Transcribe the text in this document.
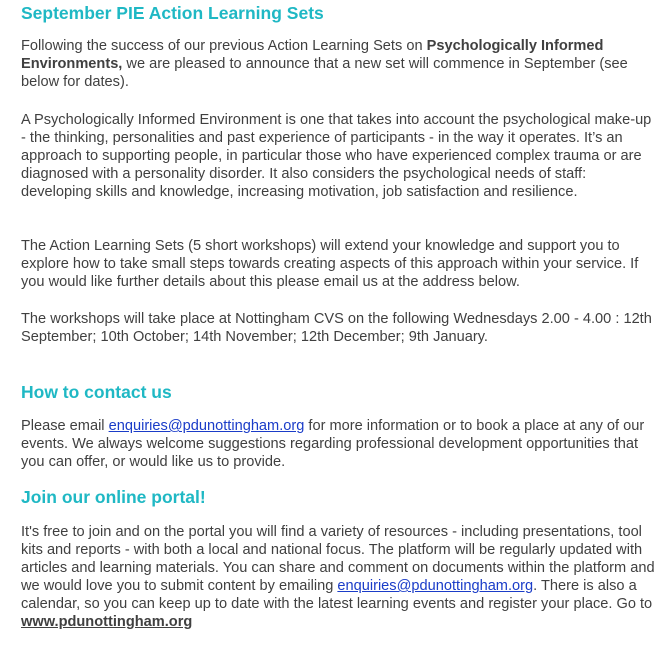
September PIE Action Learning Sets

Following the success of our previous Action Learning Sets on Psychologically Informed Environments, we are pleased to announce that a new set will commence in September (see below for dates).

A Psychologically Informed Environment is one that takes into account the psychological make-up - the thinking, personalities and past experience of participants - in the way it operates. It’s an approach to supporting people, in particular those who have experienced complex trauma or are diagnosed with a personality disorder. It also considers the psychological needs of staff: developing skills and knowledge, increasing motivation, job satisfaction and resilience.

The Action Learning Sets (5 short workshops) will extend your knowledge and support you to explore how to take small steps towards creating aspects of this approach within your service. If you would like further details about this please email us at the address below.

The workshops will take place at Nottingham CVS on the following Wednesdays 2.00 - 4.00 : 12th September; 10th October; 14th November; 12th December; 9th January.

How to contact us

Please email enquiries@pdunottingham.org for more information or to book a place at any of our events. We always welcome suggestions regarding professional development opportunities that you can offer, or would like us to provide.

Join our online portal!

It's free to join and on the portal you will find a variety of resources - including presentations, tool kits and reports - with both a local and national focus. The platform will be regularly updated with articles and learning materials. You can share and comment on documents within the platform and we would love you to submit content by emailing enquiries@pdunottingham.org. There is also a calendar, so you can keep up to date with the latest learning events and register your place. Go to www.pdunottingham.org
